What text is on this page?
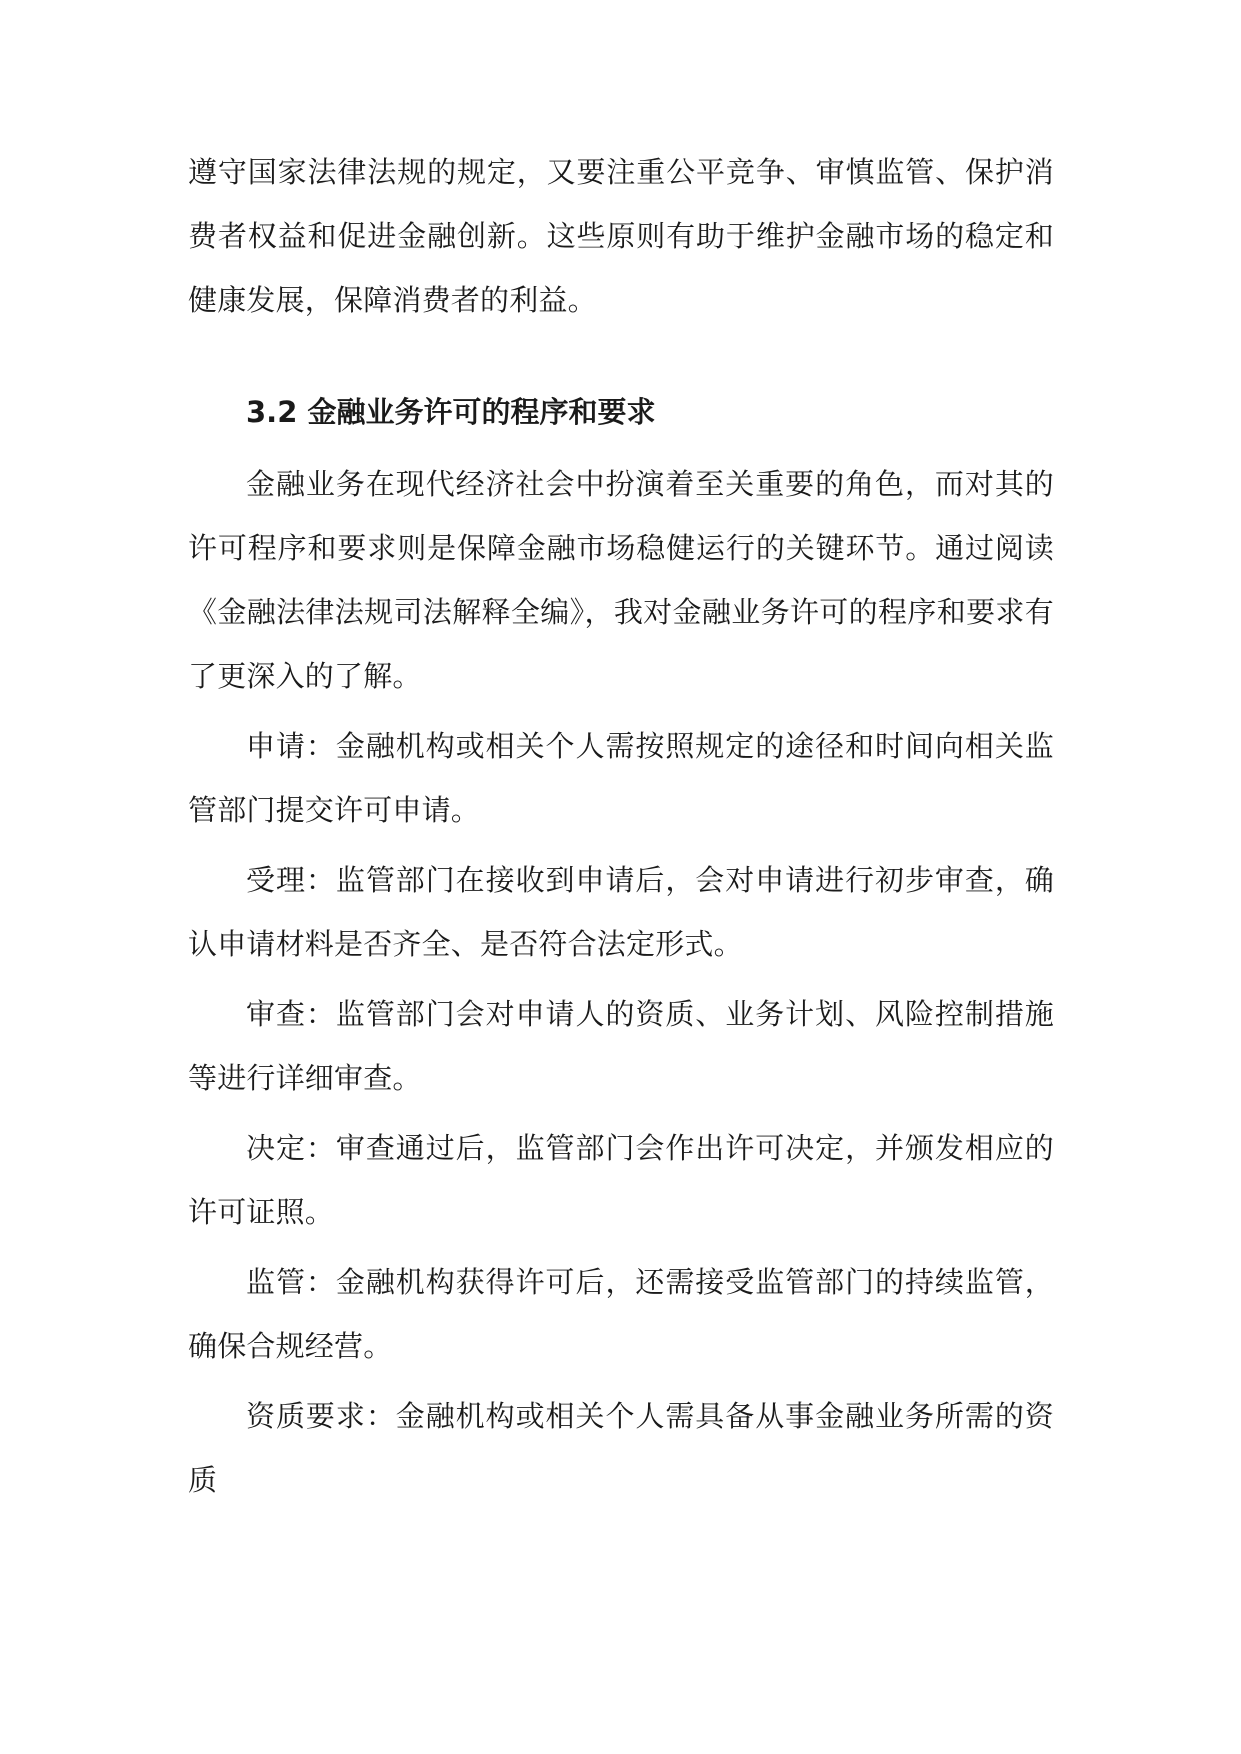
遵守国家法律法规的规定，又要注重公平竞争、审慎监管、保护消费者权益和促进金融创新。这些原则有助于维护金融市场的稳定和健康发展，保障消费者的利益。

3.2 金融业务许可的程序和要求

金融业务在现代经济社会中扮演着至关重要的角色，而对其的许可程序和要求则是保障金融市场稳健运行的关键环节。通过阅读《金融法律法规司法解释全编》，我对金融业务许可的程序和要求有了更深入的了解。

申请：金融机构或相关个人需按照规定的途径和时间向相关监管部门提交许可申请。

受理：监管部门在接收到申请后，会对申请进行初步审查，确认申请材料是否齐全、是否符合法定形式。

审查：监管部门会对申请人的资质、业务计划、风险控制措施等进行详细审查。

决定：审查通过后，监管部门会作出许可决定，并颁发相应的许可证照。

监管：金融机构获得许可后，还需接受监管部门的持续监管，确保合规经营。

资质要求：金融机构或相关个人需具备从事金融业务所需的资质
